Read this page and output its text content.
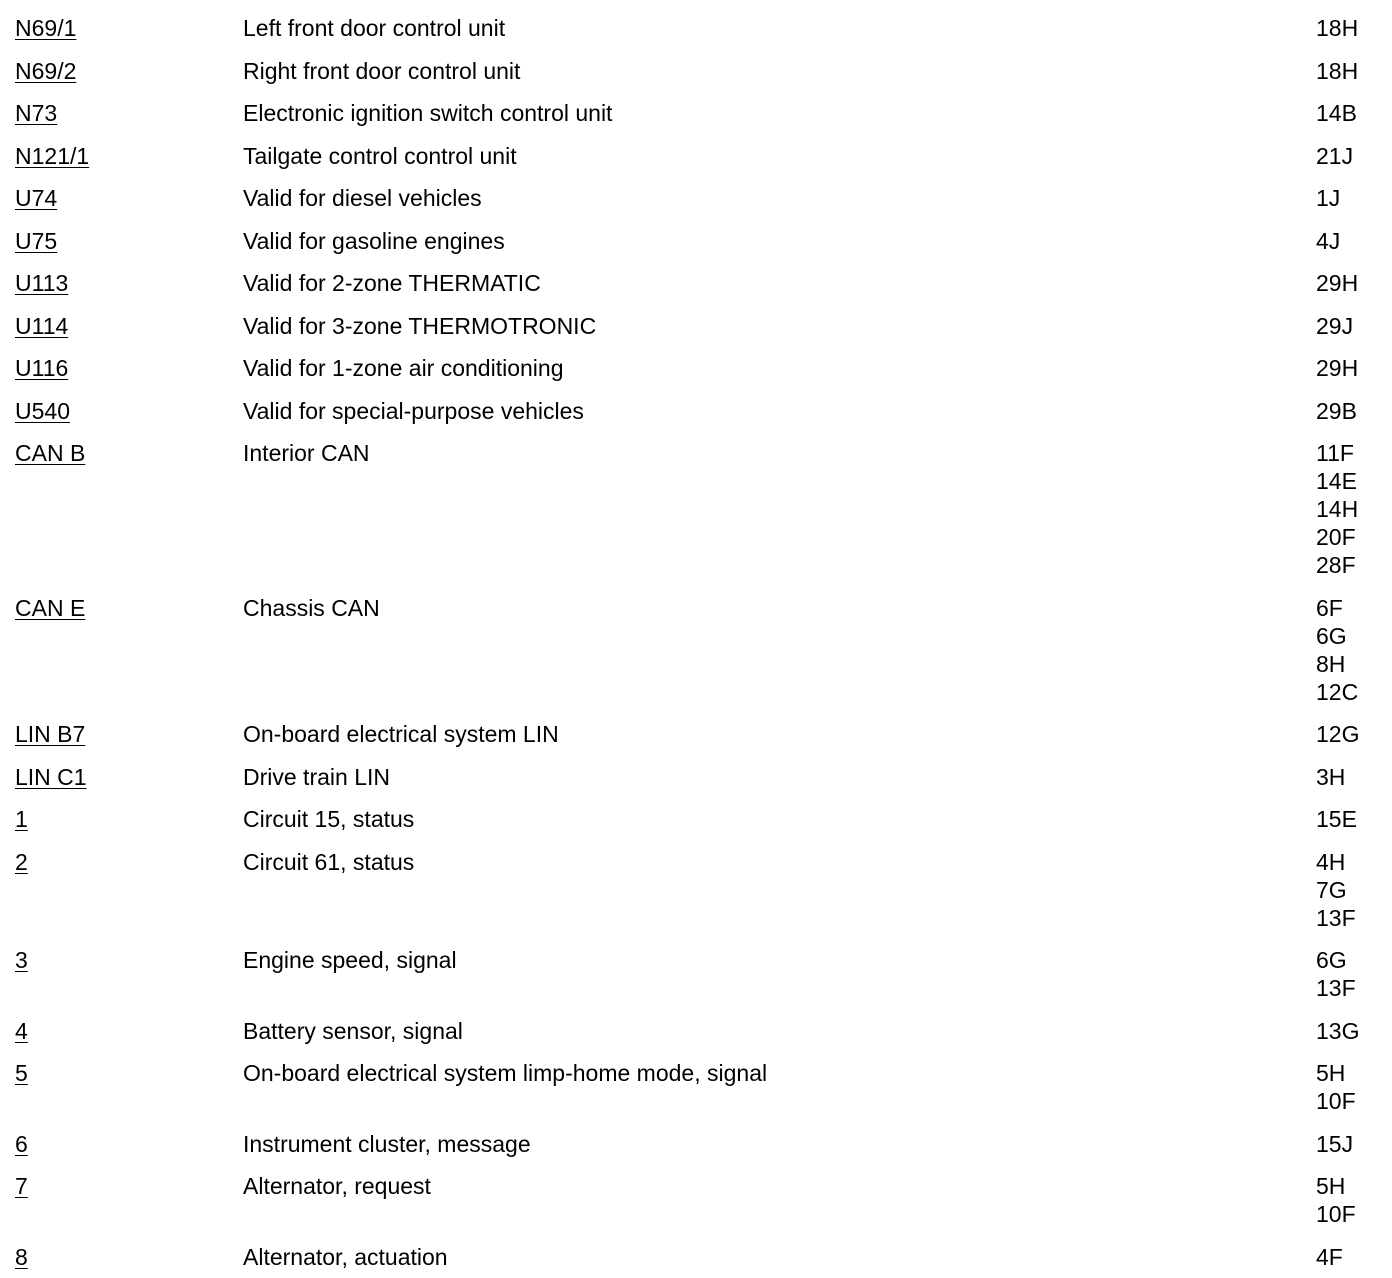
N69/1	Left front door control unit	18H
N69/2	Right front door control unit	18H
N73	Electronic ignition switch control unit	14B
N121/1	Tailgate control control unit	21J
U74	Valid for diesel vehicles	1J
U75	Valid for gasoline engines	4J
U113	Valid for 2-zone THERMATIC	29H
U114	Valid for 3-zone THERMOTRONIC	29J
U116	Valid for 1-zone air conditioning	29H
U540	Valid for special-purpose vehicles	29B
CAN B	Interior CAN	11F
14E
14H
20F
28F
CAN E	Chassis CAN	6F
6G
8H
12C
LIN B7	On-board electrical system LIN	12G
LIN C1	Drive train LIN	3H
1	Circuit 15, status	15E
2	Circuit 61, status	4H
7G
13F
3	Engine speed, signal	6G
13F
4	Battery sensor, signal	13G
5	On-board electrical system limp-home mode, signal	5H
10F
6	Instrument cluster, message	15J
7	Alternator, request	5H
10F
8	Alternator, actuation	4F
